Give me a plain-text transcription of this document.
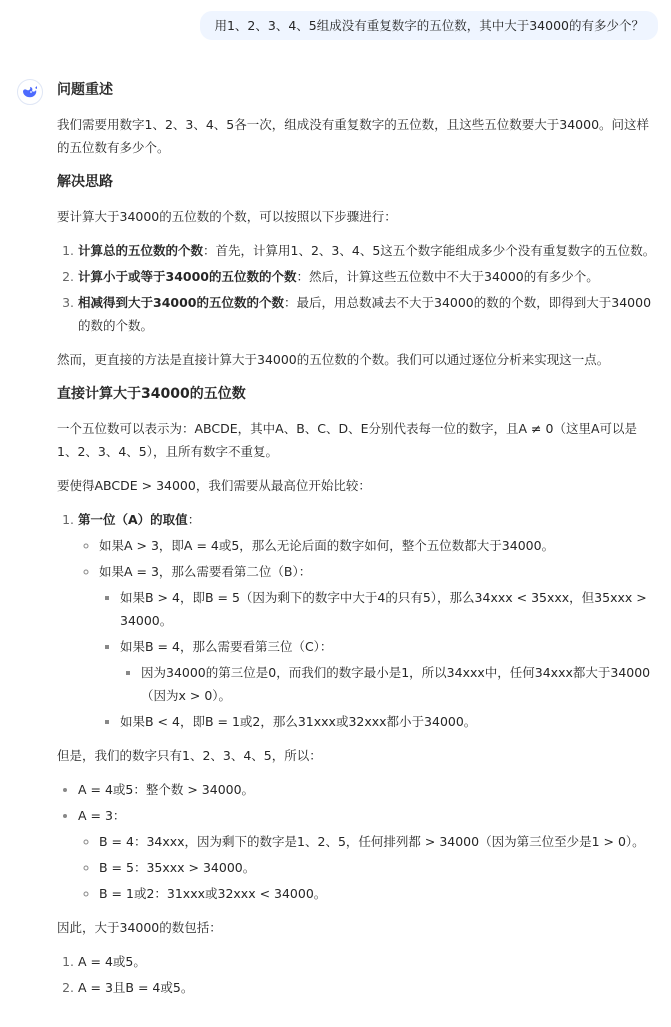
用1、2、3、4、5组成没有重复数字的五位数，其中大于34000的有多少个？
问题重述

我们需要用数字1、2、3、4、5各一次，组成没有重复数字的五位数，且这些五位数要大于34000。问这样的五位数有多少个。

解决思路

要计算大于34000的五位数的个数，可以按照以下步骤进行：

1. 计算总的五位数的个数：首先，计算用1、2、3、4、5这五个数字能组成多少个没有重复数字的五位数。
2. 计算小于或等于34000的五位数的个数：然后，计算这些五位数中不大于34000的有多少个。
3. 相减得到大于34000的五位数的个数：最后，用总数减去不大于34000的数的个数，即得到大于34000的数的个数。

然而，更直接的方法是直接计算大于34000的五位数的个数。我们可以通过逐位分析来实现这一点。

直接计算大于34000的五位数

一个五位数可以表示为：ABCDE，其中A、B、C、D、E分别代表每一位的数字，且A ≠ 0（这里A可以是1、2、3、4、5），且所有数字不重复。

要使得ABCDE > 34000，我们需要从最高位开始比较：

1. 第一位（A）的取值：
◦ 如果A > 3，即A = 4或5，那么无论后面的数字如何，整个五位数都大于34000。
◦ 如果A = 3，那么需要看第二位（B）：
▪ 如果B > 4，即B = 5（因为剩下的数字中大于4的只有5），那么34xxx < 35xxx，但35xxx > 34000。
▪ 如果B = 4，那么需要看第三位（C）：
▪ 因为34000的第三位是0，而我们的数字最小是1，所以34xxx中，任何34xxx都大于34000（因为x > 0）。
▪ 如果B < 4，即B = 1或2，那么31xxx或32xxx都小于34000。

但是，我们的数字只有1、2、3、4、5，所以：

• A = 4或5：整个数 > 34000。
• A = 3：
◦ B = 4：34xxx，因为剩下的数字是1、2、5，任何排列都 > 34000（因为第三位至少是1 > 0）。
◦ B = 5：35xxx > 34000。
◦ B = 1或2：31xxx或32xxx < 34000。

因此，大于34000的数包括：

1. A = 4或5。
2. A = 3且B = 4或5。
